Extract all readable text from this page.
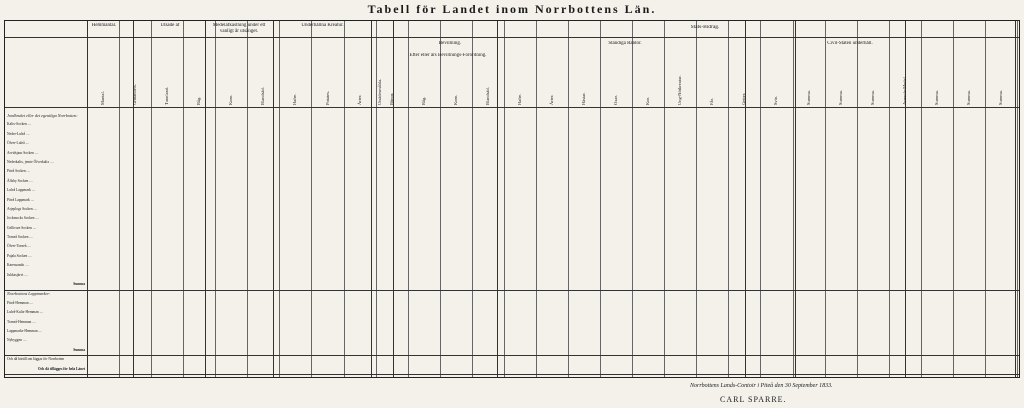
Tabell för Landet inom Norrbottens Län.
Hemmantal.	Utsäde af	Medelafkastning under ett vanligt år utsänget.
Underhållna Kreatur.
Utsädesmålda.
Stats-Bidrag.
Bevillning.
Efter eller års Bevillnings-Förordning.
Ständiga Räntor.	Civil-Staten underhåll.
Mantal.	Grötandels.	Tunnland.	Råg.	Korn.	Blandsäd.	Hafre.	Potates.	Ärter.	Bönor.	Råg.	Korn.	Blandsäd.	Hafre.	Ärter.	Hästar.	Oxar.	Kor.	Ung-Nötkreatur.	Får.	Getter.	Svin.	Summa.	Summa.	Summa.	Arrende-Medel.	Summa.	Summa.	Summa.
Jordbruket eller det egentliga Norrbotten:
Kalix-Socken ....
Neder-Luleå ....
Öfver-Luleå ....
Arvidsjaur Socken ....
Nederkalix, jemte Öfverkalix ....
Piteå Socken ....
Älfsby Socken ....
Luleå Lappmark ....
Piteå Lappmark ....
Arjeplogs Socken ....
Jockmocks Socken ....
Gellivare Socken ....
Torneå Socken ....
Öfver-Torneå ....
Pajala Socken ....
Karesuando ....
Jukkasjärvi ....
Summa
Norrbottens Lappmarker:
Piteå-Hemman ....
Luleå-Kalix-Hemman ....
Torneå-Hemman ....
Lappmarks-Hemman ....
Nybyggen ....
Summa
Och då härtill om läggas för Norrbotten
Och då tillägges för hela Länet
Norrbottens Lands-Contoir i Piteå den 30 September 1833.
CARL SPARRE.
